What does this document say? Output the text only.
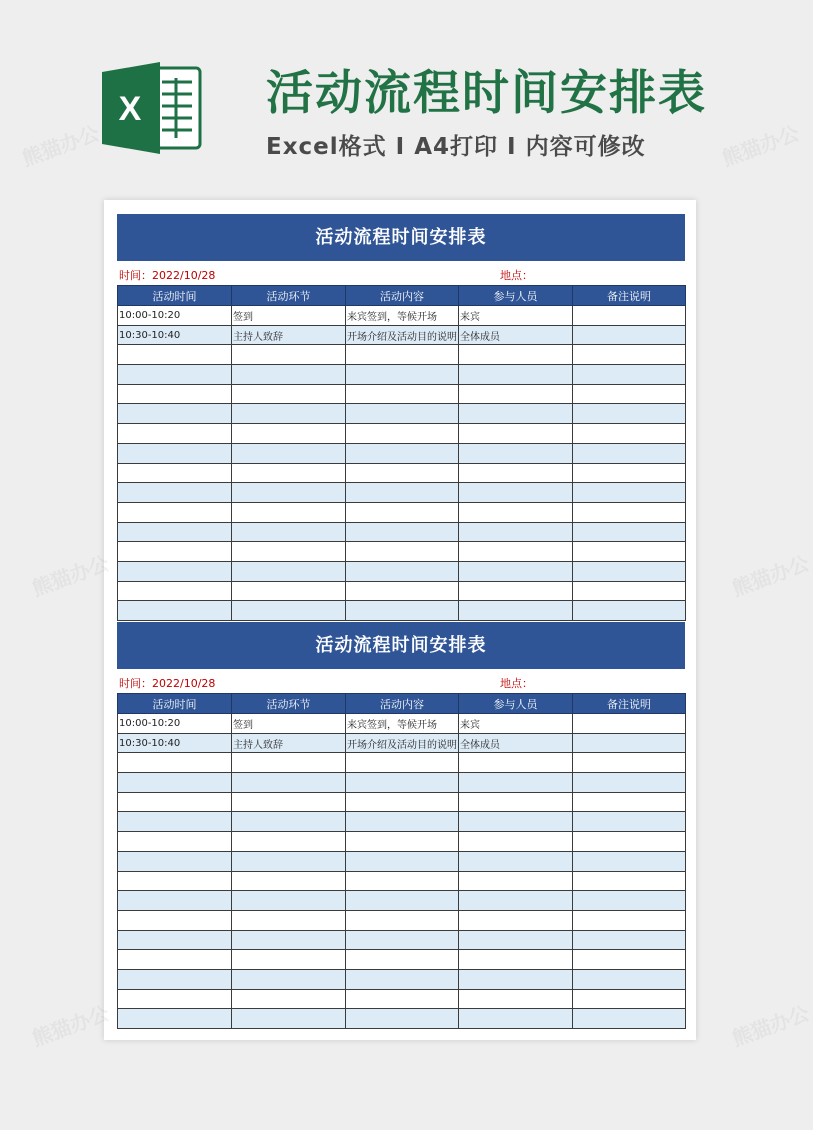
熊猫办公	熊猫办公
X	活动流程时间安排表
Excel格式 I A4打印 I 内容可修改
活动流程时间安排表
时间：2022/10/28	地点：
活动时间	活动环节	活动内容	参与人员	备注说明
10:00-10:20	签到	来宾签到，等候开场	来宾	
10:30-10:40	主持人致辞	开场介绍及活动目的说明	全体成员	

活动流程时间安排表
时间：2022/10/28	地点：
活动时间	活动环节	活动内容	参与人员	备注说明
10:00-10:20	签到	来宾签到，等候开场	来宾	
10:30-10:40	主持人致辞	开场介绍及活动目的说明	全体成员	

熊猫办公	熊猫办公
熊猫办公	熊猫办公
